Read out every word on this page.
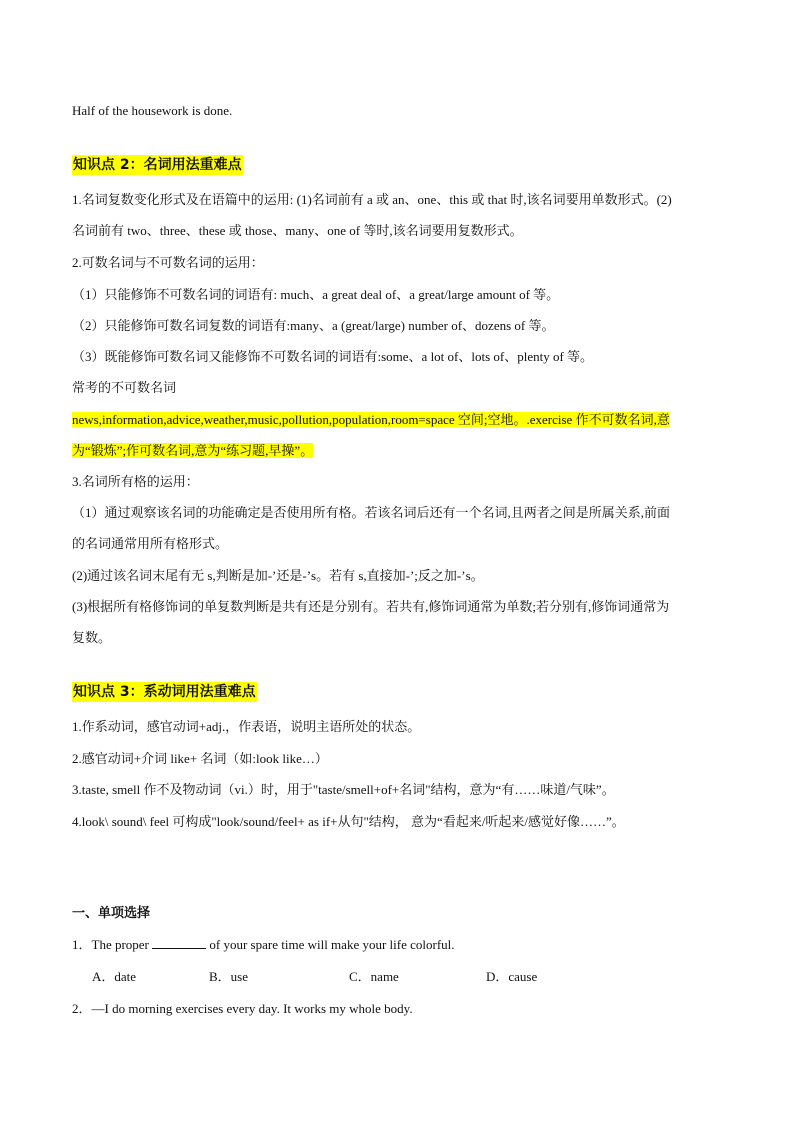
Half of the housework is done.
知识点 2：名词用法重难点
1.名词复数变化形式及在语篇中的运用: (1)名词前有 a 或 an、one、this 或 that 时,该名词要用单数形式。(2)
名词前有 two、three、these 或 those、many、one of 等时,该名词要用复数形式。
2.可数名词与不可数名词的运用：
（1）只能修饰不可数名词的词语有: much、a great deal of、a great/large amount of 等。
（2）只能修饰可数名词复数的词语有:many、a (great/large) number of、dozens of 等。
（3）既能修饰可数名词又能修饰不可数名词的词语有:some、a lot of、lots of、plenty of 等。
常考的不可数名词
news,information,advice,weather,music,pollution,population,room=space 空间;空地。.exercise 作不可数名词,意
为“锻炼”;作可数名词,意为“练习题,早操”。
3.名词所有格的运用：
（1）通过观察该名词的功能确定是否使用所有格。若该名词后还有一个名词,且两者之间是所属关系,前面
的名词通常用所有格形式。
(2)通过该名词末尾有无 s,判断是加-’还是-’s。若有 s,直接加-’;反之加-’s。
(3)根据所有格修饰词的单复数判断是共有还是分别有。若共有,修饰词通常为单数;若分别有,修饰词通常为
复数。
知识点 3：系动词用法重难点
1.作系动词，感官动词+adj.，作表语，说明主语所处的状态。
2.感官动词+介词 like+ 名词（如:look like…）
3.taste, smell 作不及物动词（vi.）时，用于"taste/smell+of+名词"结构，意为“有……味道/气味”。
4.look\ sound\ feel 可构成"look/sound/feel+ as if+从句"结构， 意为“看起来/听起来/感觉好像……”。
一、单项选择
1．The proper	of your spare time will make your life colorful.
A．date	B．use	C．name	D．cause
2．—I do morning exercises every day. It works my whole body.
